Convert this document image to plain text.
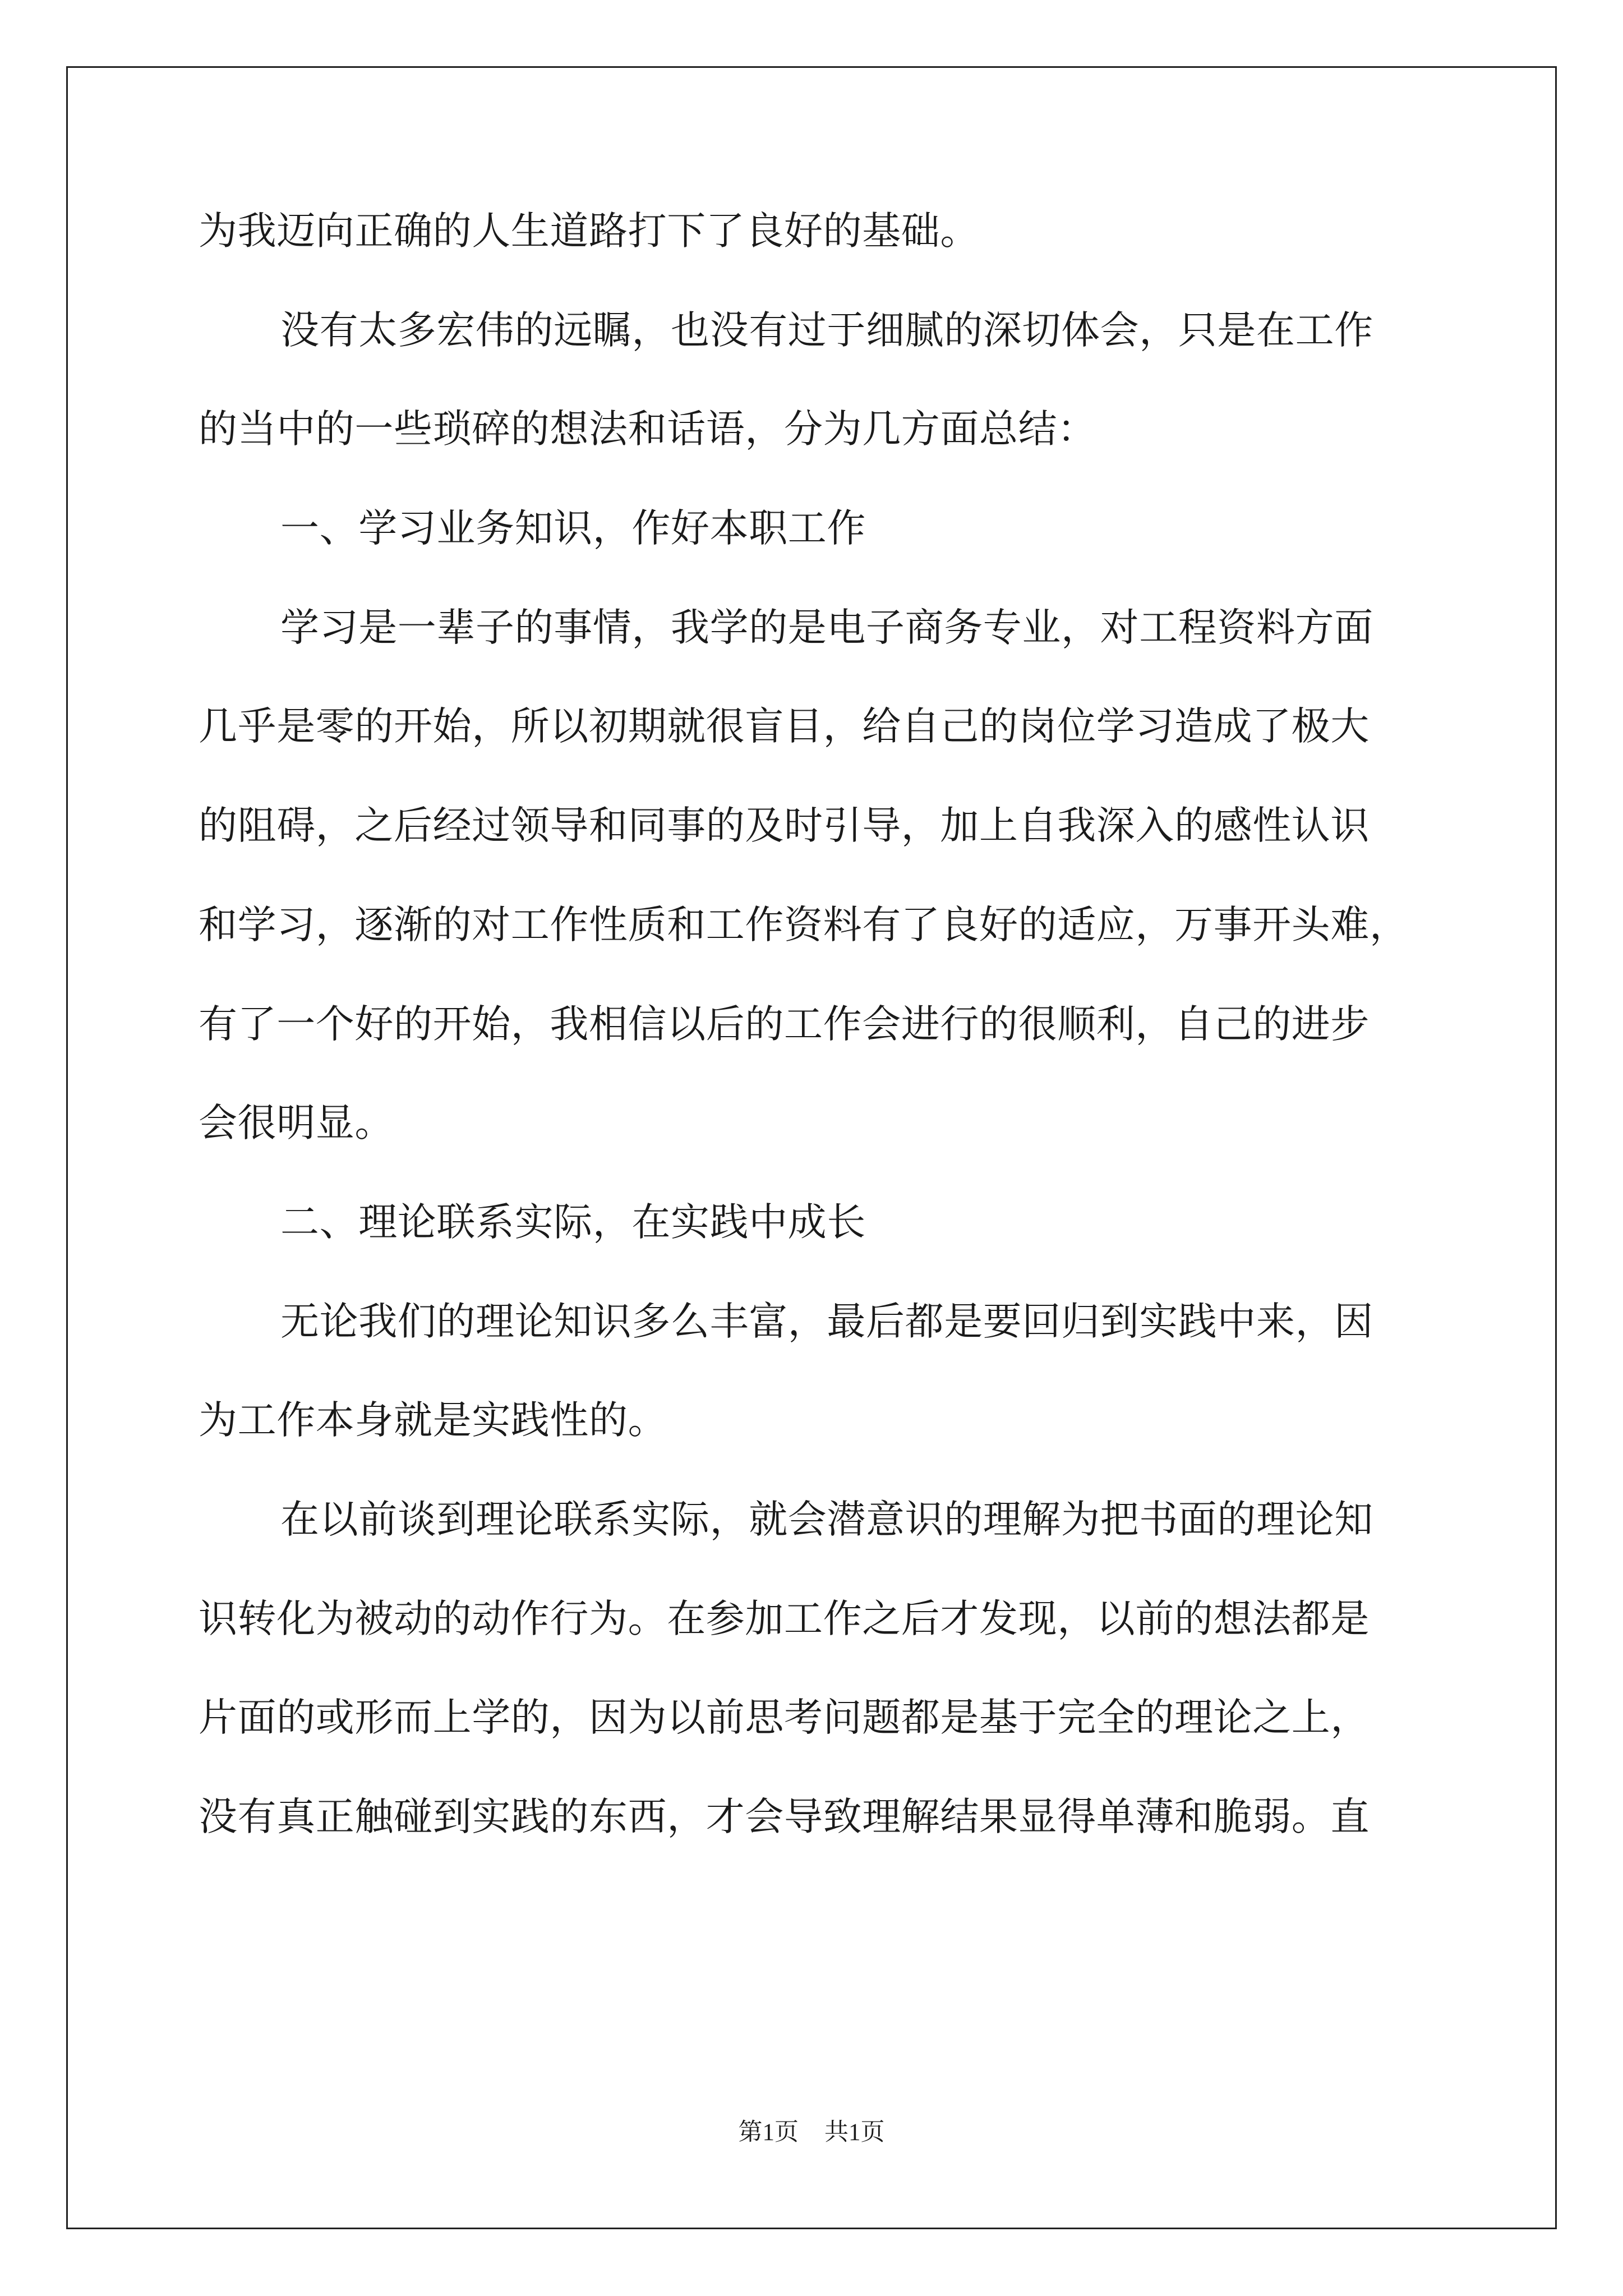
为我迈向正确的人生道路打下了良好的基础。
没有太多宏伟的远瞩，也没有过于细腻的深切体会，只是在工作
的当中的一些琐碎的想法和话语，分为几方面总结：
一、学习业务知识，作好本职工作
学习是一辈子的事情，我学的是电子商务专业，对工程资料方面
几乎是零的开始，所以初期就很盲目，给自己的岗位学习造成了极大
的阻碍，之后经过领导和同事的及时引导，加上自我深入的感性认识
和学习，逐渐的对工作性质和工作资料有了良好的适应，万事开头难，
有了一个好的开始，我相信以后的工作会进行的很顺利，自己的进步
会很明显。
二、理论联系实际，在实践中成长
无论我们的理论知识多么丰富，最后都是要回归到实践中来，因
为工作本身就是实践性的。
在以前谈到理论联系实际，就会潜意识的理解为把书面的理论知
识转化为被动的动作行为。在参加工作之后才发现，以前的想法都是
片面的或形而上学的，因为以前思考问题都是基于完全的理论之上，
没有真正触碰到实践的东西，才会导致理解结果显得单薄和脆弱。直
第1页 共1页
